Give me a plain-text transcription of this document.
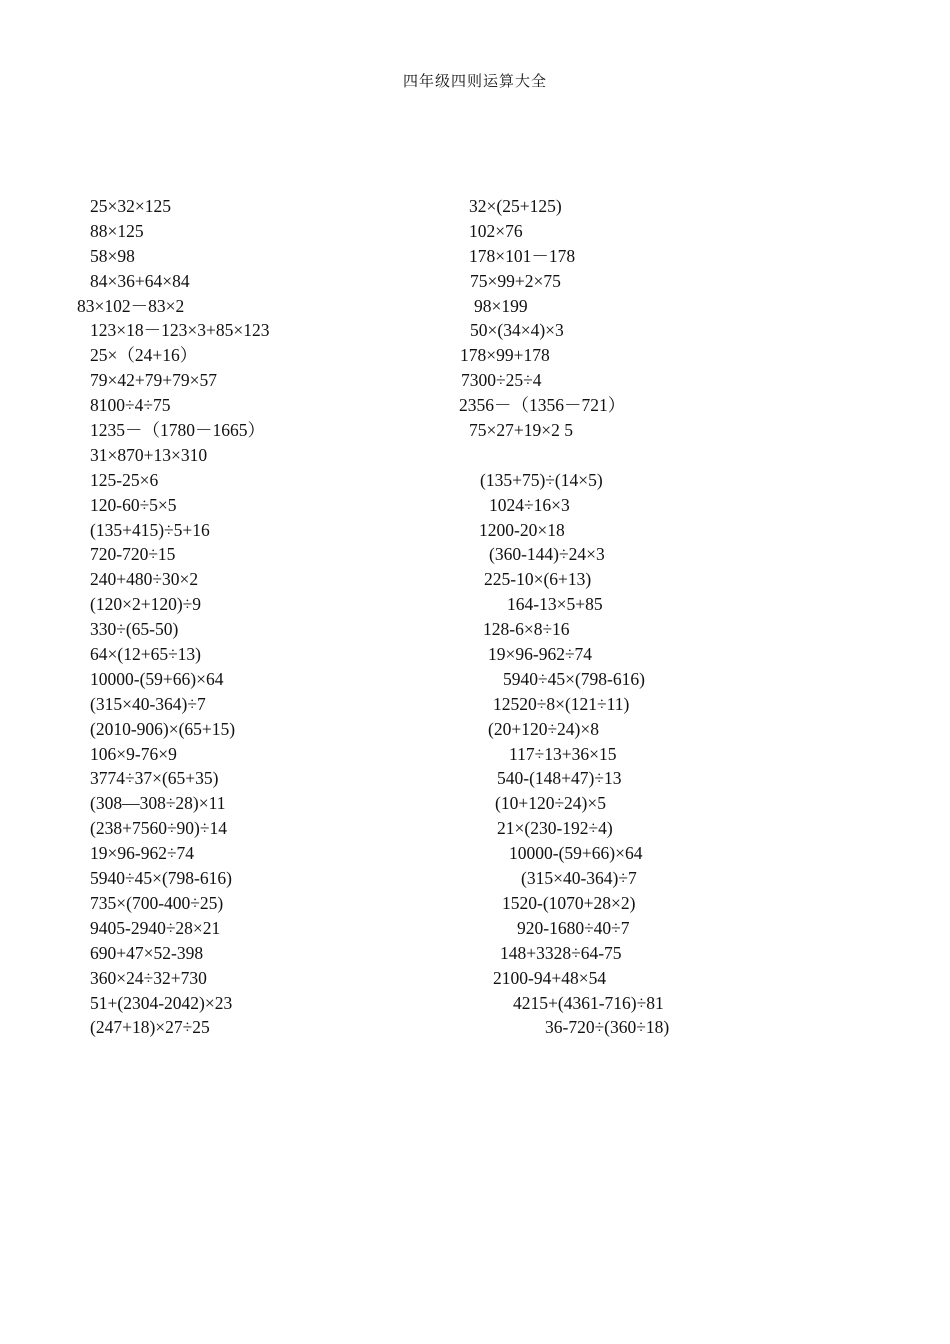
四年级四则运算大全
25×32×125
88×125
58×98
84×36+64×84
83×102－83×2
123×18－123×3+85×123
25×（24+16）
79×42+79+79×57
8100÷4÷75
1235－（1780－1665）
31×870+13×310
125-25×6
120-60÷5×5
(135+415)÷5+16
720-720÷15
240+480÷30×2
(120×2+120)÷9
330÷(65-50)
64×(12+65÷13)
10000-(59+66)×64
(315×40-364)÷7
(2010-906)×(65+15)
106×9-76×9
3774÷37×(65+35)
(308—308÷28)×11
(238+7560÷90)÷14
19×96-962÷74
5940÷45×(798-616)
735×(700-400÷25)
9405-2940÷28×21
690+47×52-398
360×24÷32+730
51+(2304-2042)×23
(247+18)×27÷25
32×(25+125)
102×76
178×101－178
75×99+2×75
98×199
50×(34×4)×3
178×99+178
7300÷25÷4
2356－（1356－721）
75×27+19×2 5
(135+75)÷(14×5)
1024÷16×3
1200-20×18
(360-144)÷24×3
225-10×(6+13)
164-13×5+85
128-6×8÷16
19×96-962÷74
5940÷45×(798-616)
12520÷8×(121÷11)
(20+120÷24)×8
117÷13+36×15
540-(148+47)÷13
(10+120÷24)×5
21×(230-192÷4)
10000-(59+66)×64
(315×40-364)÷7
1520-(1070+28×2)
920-1680÷40÷7
148+3328÷64-75
2100-94+48×54
4215+(4361-716)÷81
36-720÷(360÷18)
